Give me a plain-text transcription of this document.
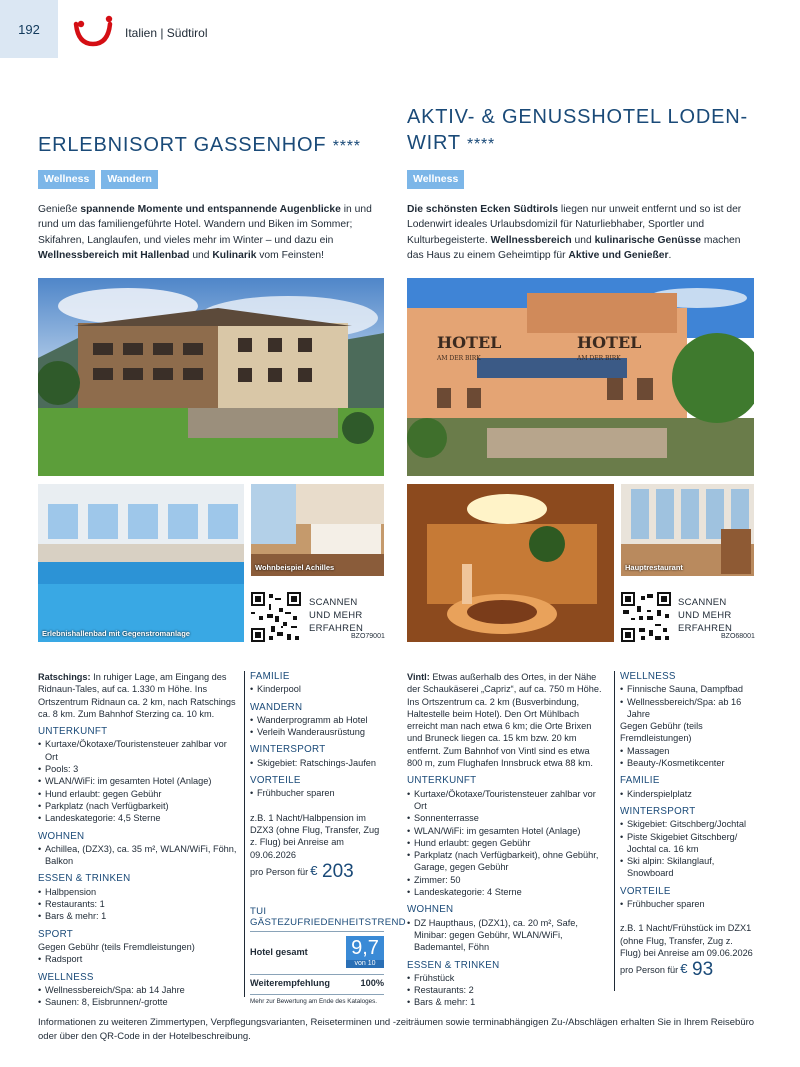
192	Italien | Südtirol
ERLEBNISORT GASSENHOF ****
Wellness	Wandern
Genieße spannende Momente und entspannende Augenblicke in und rund um das familiengeführte Hotel. Wandern und Biken im Sommer; Skifahren, Langlaufen, und vieles mehr im Winter – und dazu ein Wellnessbereich mit Hallenbad und Kulinarik vom Feinsten!
Erlebnishallenbad mit Gegenstromanlage
Wohnbeispiel Achilles
SCANNEN
UND MEHR
ERFAHREN
BZO79001
Ratschings: In ruhiger Lage, am Eingang des Ridnaun-Tales, auf ca. 1.330 m Höhe. Ins Ortszentrum Ridnaun ca. 2 km, nach Ratschings ca. 8 km. Zum Bahnhof Sterzing ca. 10 km.
UNTERKUNFT
• Kurtaxe/Ökotaxe/Touristensteuer zahlbar vor Ort
• Pools: 3
• WLAN/WiFi: im gesamten Hotel (Anlage)
• Hund erlaubt: gegen Gebühr
• Parkplatz (nach Verfügbarkeit)
• Landeskategorie: 4,5 Sterne
WOHNEN
• Achillea, (DZX3), ca. 35 m², WLAN/WiFi, Föhn, Balkon
ESSEN & TRINKEN
• Halbpension
• Restaurants: 1
• Bars & mehr: 1
SPORT
Gegen Gebühr (teils Fremdleistungen)
• Radsport
WELLNESS
• Wellnessbereich/Spa: ab 14 Jahre
• Saunen: 8, Eisbrunnen/-grotte
FAMILIE
• Kinderpool
WANDERN
• Wanderprogramm ab Hotel
• Verleih Wanderausrüstung
WINTERSPORT
• Skigebiet: Ratschings-Jaufen
VORTEILE
• Frühbucher sparen
z.B. 1 Nacht/Halbpension im DZX3 (ohne Flug, Transfer, Zug z. Flug) bei Anreise am 09.06.2026
pro Person für € 203
TUI GÄSTEZUFRIEDENHEITSTREND
Hotel gesamt 9,7
von 10
Weiterempfehlung	100%
Mehr zur Bewertung am Ende des Kataloges.
AKTIV- & GENUSSHOTEL LODEN-
WIRT ****
Wellness
Die schönsten Ecken Südtirols liegen nur unweit entfernt und so ist der Lodenwirt ideales Urlaubsdomizil für Naturliebhaber, Sportler und Kulturbegeisterte. Wellnessbereich und kulinarische Genüsse machen das Haus zu einem Geheimtipp für Aktive und Genießer.
HOTEL
AM DER BIRK
HOTEL
AM DER BIRK
Hauptrestaurant
SCANNEN
UND MEHR
ERFAHREN
BZO68001
Vintl: Etwas außerhalb des Ortes, in der Nähe der Schaukäserei „Capriz“, auf ca. 750 m Höhe. Ins Ortszentrum ca. 2 km (Busverbindung, Haltestelle beim Hotel). Den Ort Mühlbach erreicht man nach etwa 6 km; die Orte Brixen und Bruneck liegen ca. 15 km bzw. 20 km entfernt. Zum Bahnhof von Vintl sind es etwa 800 m, zum Flughafen Innsbruck etwa 88 km.
UNTERKUNFT
• Kurtaxe/Ökotaxe/Touristensteuer zahlbar vor Ort
• Sonnenterrasse
• WLAN/WiFi: im gesamten Hotel (Anlage)
• Hund erlaubt: gegen Gebühr
• Parkplatz (nach Verfügbarkeit), ohne Gebühr, Garage, gegen Gebühr
• Zimmer: 50
• Landeskategorie: 4 Sterne
WOHNEN
• DZ Haupthaus, (DZX1), ca. 20 m², Safe, Minibar: gegen Gebühr, WLAN/WiFi, Bademantel, Föhn
ESSEN & TRINKEN
• Frühstück
• Restaurants: 2
• Bars & mehr: 1
WELLNESS
• Finnische Sauna, Dampfbad
• Wellnessbereich/Spa: ab 16 Jahre
Gegen Gebühr (teils Fremdleistungen)
• Massagen
• Beauty-/Kosmetikcenter
FAMILIE
• Kinderspielplatz
WINTERSPORT
• Skigebiet: Gitschberg/Jochtal
• Piste Skigebiet Gitschberg/ Jochtal ca. 16 km
• Ski alpin: Skilanglauf, Snowboard
VORTEILE
• Frühbucher sparen
z.B. 1 Nacht/Frühstück im DZX1 (ohne Flug, Transfer, Zug z. Flug) bei Anreise am 09.06.2026
pro Person für € 93
Informationen zu weiteren Zimmertypen, Verpflegungsvarianten, Reiseterminen und -zeiträumen sowie terminabhängigen Zu-/Abschlägen erhalten Sie in Ihrem Reisebüro oder über den QR-Code in der Hotelbeschreibung.
